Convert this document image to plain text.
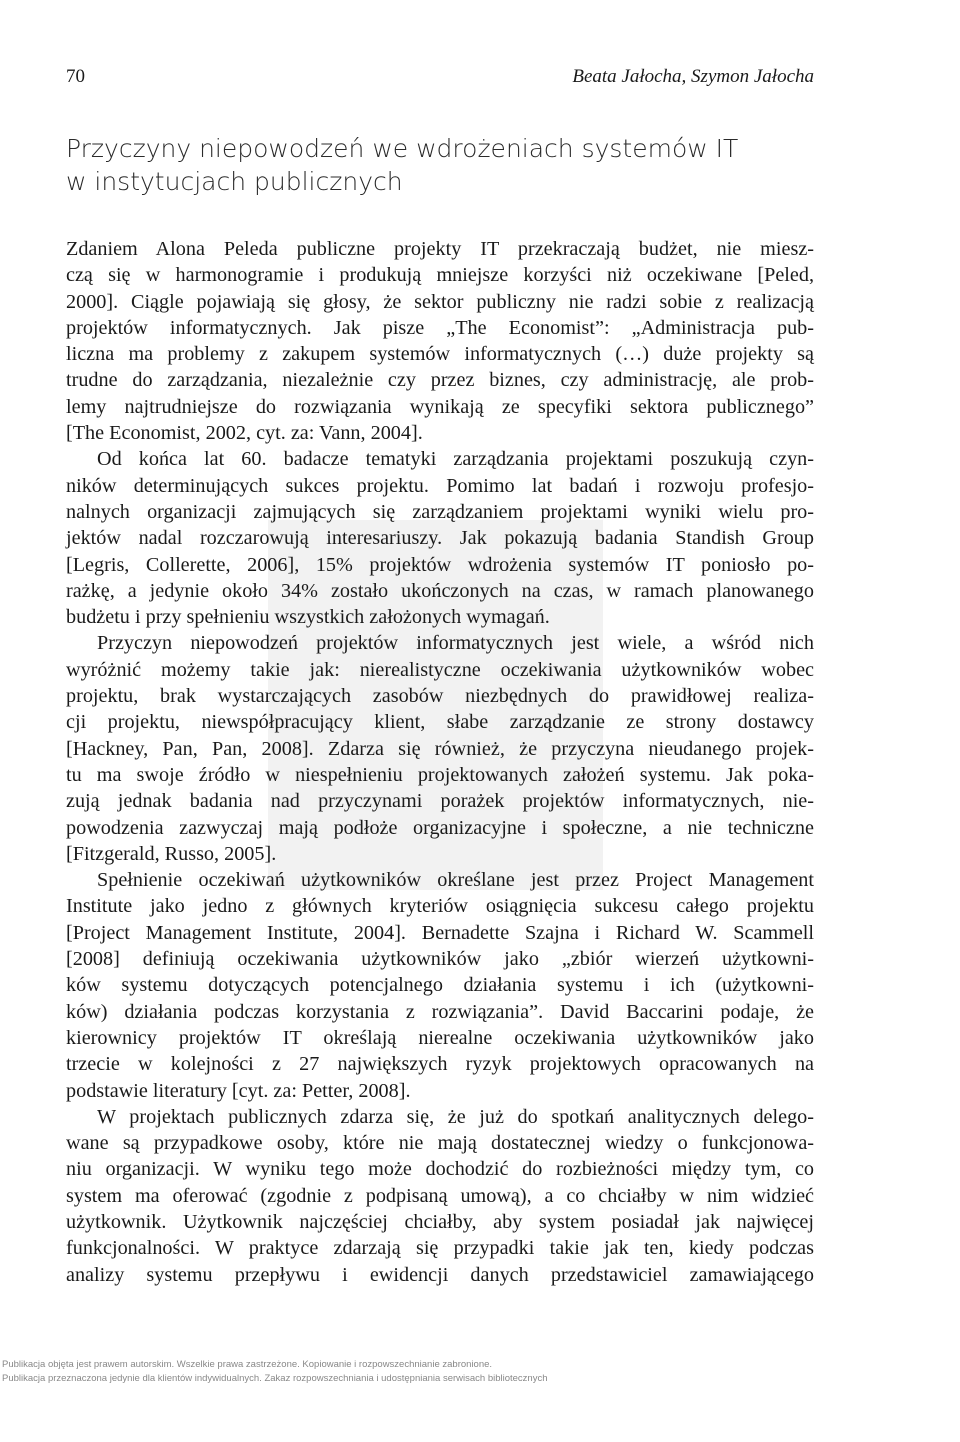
70	Beata Jałocha, Szymon Jałocha
Przyczyny niepowodzeń we wdrożeniach systemów IT
w instytucjach publicznych
Zdaniem Alona Peleda publiczne projekty IT przekraczają budżet, nie miesz-
czą się w harmonogramie i produkują mniejsze korzyści niż oczekiwane [Peled,
2000]. Ciągle pojawiają się głosy, że sektor publiczny nie radzi sobie z realizacją
projektów informatycznych. Jak pisze „The Economist”: „Administracja pub-
liczna ma problemy z zakupem systemów informatycznych (…) duże projekty są
trudne do zarządzania, niezależnie czy przez biznes, czy administrację, ale prob-
lemy najtrudniejsze do rozwiązania wynikają ze specyfiki sektora publicznego”
[The Economist, 2002, cyt. za: Vann, 2004].
Od końca lat 60. badacze tematyki zarządzania projektami poszukują czyn-
ników determinujących sukces projektu. Pomimo lat badań i rozwoju profesjo-
nalnych organizacji zajmujących się zarządzaniem projektami wyniki wielu pro-
jektów nadal rozczarowują interesariuszy. Jak pokazują badania Standish Group
[Legris, Collerette, 2006], 15% projektów wdrożenia systemów IT poniosło po-
rażkę, a jedynie około 34% zostało ukończonych na czas, w ramach planowanego
budżetu i przy spełnieniu wszystkich założonych wymagań.
Przyczyn niepowodzeń projektów informatycznych jest wiele, a wśród nich
wyróżnić możemy takie jak: nierealistyczne oczekiwania użytkowników wobec
projektu, brak wystarczających zasobów niezbędnych do prawidłowej realiza-
cji projektu, niewspółpracujący klient, słabe zarządzanie ze strony dostawcy
[Hackney, Pan, Pan, 2008]. Zdarza się również, że przyczyna nieudanego projek-
tu ma swoje źródło w niespełnieniu projektowanych założeń systemu. Jak poka-
zują jednak badania nad przyczynami porażek projektów informatycznych, nie-
powodzenia zazwyczaj mają podłoże organizacyjne i społeczne, a nie techniczne
[Fitzgerald, Russo, 2005].
Spełnienie oczekiwań użytkowników określane jest przez Project Management
Institute jako jedno z głównych kryteriów osiągnięcia sukcesu całego projektu
[Project Management Institute, 2004]. Bernadette Szajna i Richard W. Scammell
[2008] definiują oczekiwania użytkowników jako „zbiór wierzeń użytkowni-
ków systemu dotyczących potencjalnego działania systemu i ich (użytkowni-
ków) działania podczas korzystania z rozwiązania”. David Baccarini podaje, że
kierownicy projektów IT określają nierealne oczekiwania użytkowników jako
trzecie w kolejności z 27 największych ryzyk projektowych opracowanych na
podstawie literatury [cyt. za: Petter, 2008].
W projektach publicznych zdarza się, że już do spotkań analitycznych delego-
wane są przypadkowe osoby, które nie mają dostatecznej wiedzy o funkcjonowa-
niu organizacji. W wyniku tego może dochodzić do rozbieżności między tym, co
system ma oferować (zgodnie z podpisaną umową), a co chciałby w nim widzieć
użytkownik. Użytkownik najczęściej chciałby, aby system posiadał jak najwięcej
funkcjonalności. W praktyce zdarzają się przypadki takie jak ten, kiedy podczas
analizy systemu przepływu i ewidencji danych przedstawiciel zamawiającego
Publikacja objęta jest prawem autorskim. Wszelkie prawa zastrzeżone. Kopiowanie i rozpowszechnianie zabronione.
Publikacja przeznaczona jedynie dla klientów indywidualnych. Zakaz rozpowszechniania i udostępniania serwisach bibliotecznych
